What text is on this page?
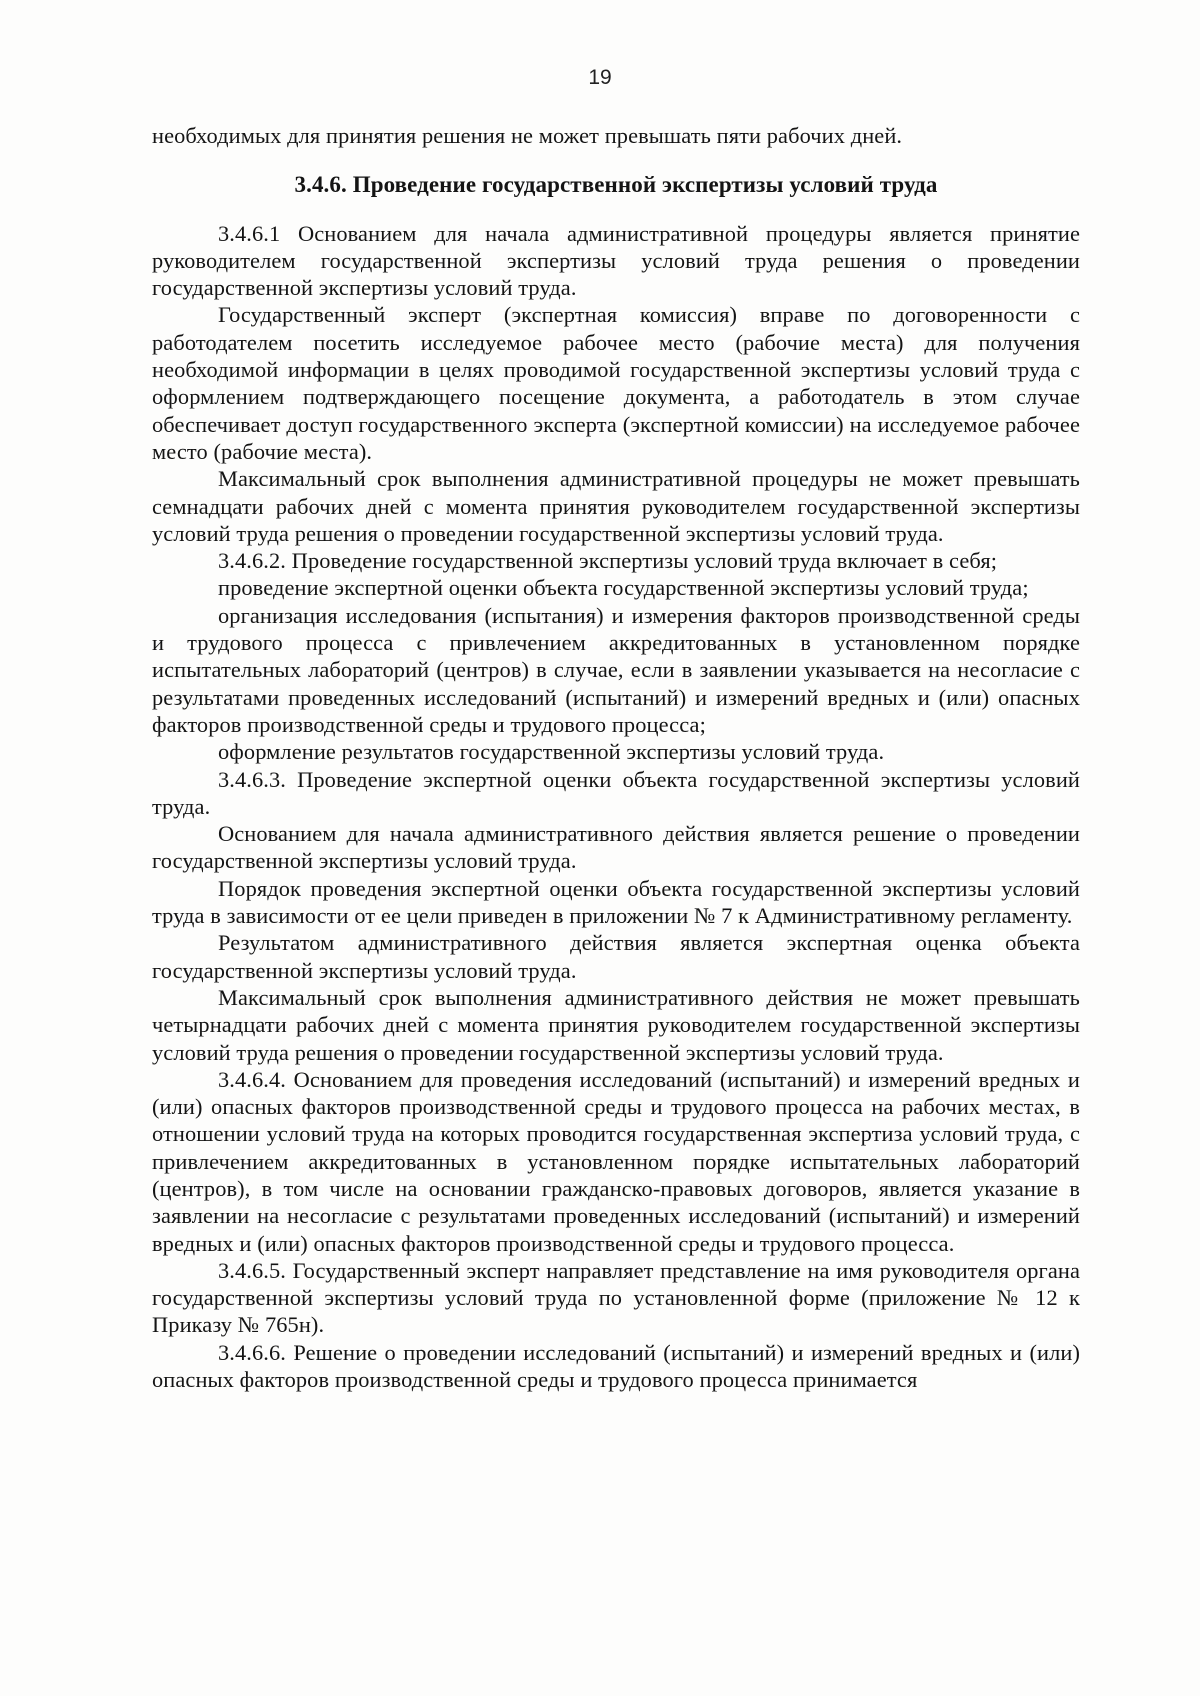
19

необходимых для принятия решения не может превышать пяти рабочих дней.

3.4.6. Проведение государственной экспертизы условий труда

3.4.6.1 Основанием для начала административной процедуры является принятие руководителем государственной экспертизы условий труда решения о проведении государственной экспертизы условий труда.

Государственный эксперт (экспертная комиссия) вправе по договоренности с работодателем посетить исследуемое рабочее место (рабочие места) для получения необходимой информации в целях проводимой государственной экспертизы условий труда с оформлением подтверждающего посещение документа, а работодатель в этом случае обеспечивает доступ государственного эксперта (экспертной комиссии) на исследуемое рабочее место (рабочие места).

Максимальный срок выполнения административной процедуры не может превышать семнадцати рабочих дней с момента принятия руководителем государственной экспертизы условий труда решения о проведении государственной экспертизы условий труда.

3.4.6.2. Проведение государственной экспертизы условий труда включает в себя;

проведение экспертной оценки объекта государственной экспертизы условий труда;

организация исследования (испытания) и измерения факторов производственной среды и трудового процесса с привлечением аккредитованных в установленном порядке испытательных лабораторий (центров) в случае, если в заявлении указывается на несогласие с результатами проведенных исследований (испытаний) и измерений вредных и (или) опасных факторов производственной среды и трудового процесса;

оформление результатов государственной экспертизы условий труда.

3.4.6.3. Проведение экспертной оценки объекта государственной экспертизы условий труда.

Основанием для начала административного действия является решение о проведении государственной экспертизы условий труда.

Порядок проведения экспертной оценки объекта государственной экспертизы условий труда в зависимости от ее цели приведен в приложении № 7 к Административному регламенту.

Результатом административного действия является экспертная оценка объекта государственной экспертизы условий труда.

Максимальный срок выполнения административного действия не может превышать четырнадцати рабочих дней с момента принятия руководителем государственной экспертизы условий труда решения о проведении государственной экспертизы условий труда.

3.4.6.4. Основанием для проведения исследований (испытаний) и измерений вредных и (или) опасных факторов производственной среды и трудового процесса на рабочих местах, в отношении условий труда на которых проводится государственная экспертиза условий труда, с привлечением аккредитованных в установленном порядке испытательных лабораторий (центров), в том числе на основании гражданско-правовых договоров, является указание в заявлении на несогласие с результатами проведенных исследований (испытаний) и измерений вредных и (или) опасных факторов производственной среды и трудового процесса.

3.4.6.5. Государственный эксперт направляет представление на имя руководителя органа государственной экспертизы условий труда по установленной форме (приложение № 12 к Приказу № 765н).

3.4.6.6. Решение о проведении исследований (испытаний) и измерений вредных и (или) опасных факторов производственной среды и трудового процесса принимается
